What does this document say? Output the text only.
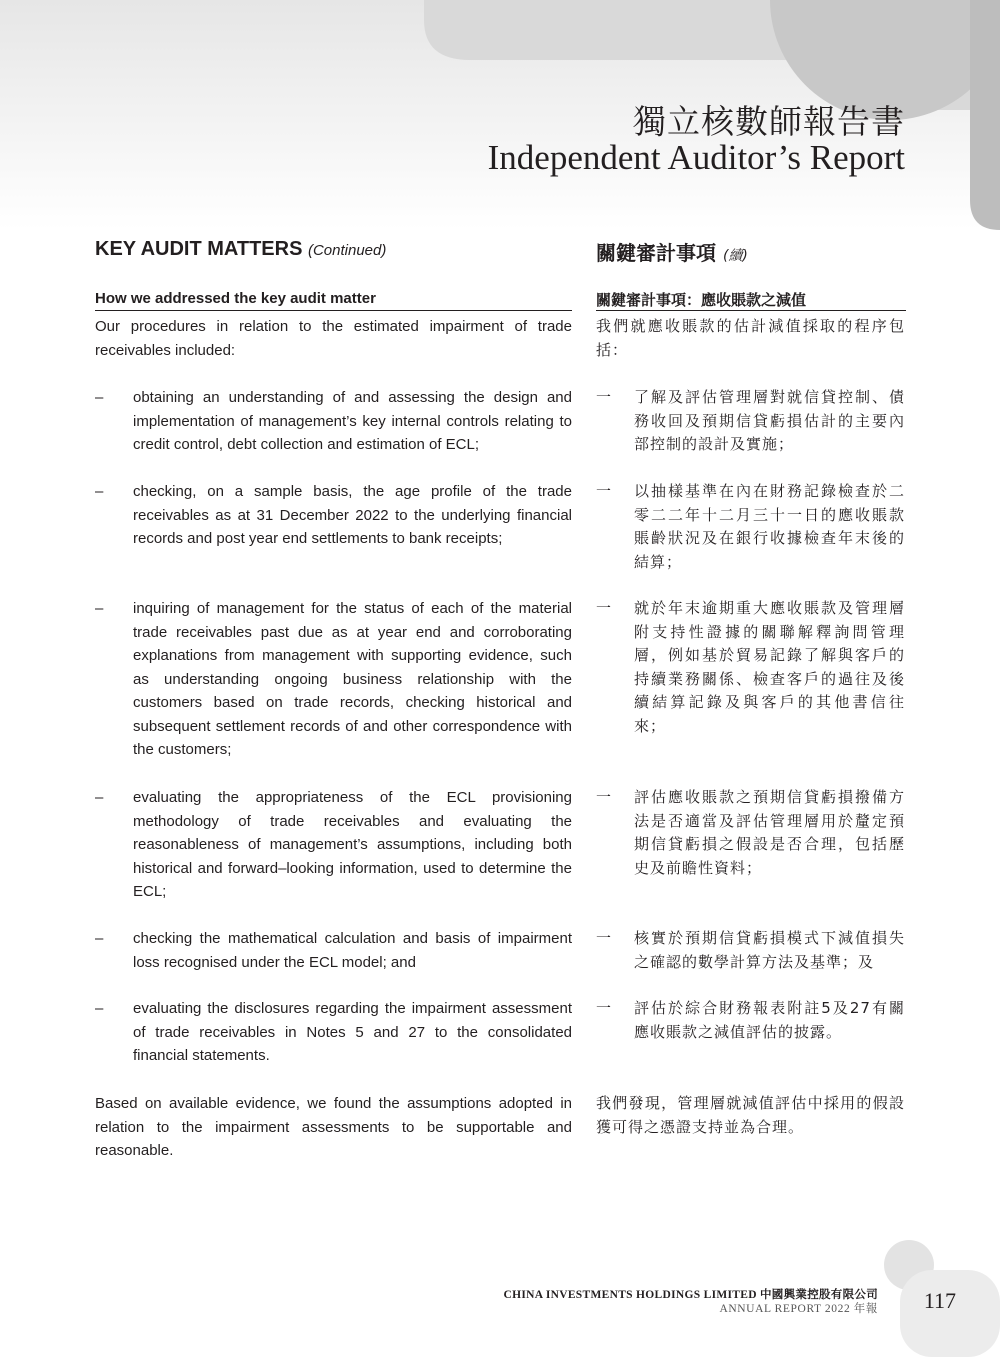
獨立核數師報告書
Independent Auditor’s Report
KEY AUDIT MATTERS (Continued)	關鍵審計事項 (續)
How we addressed the key audit matter	關鍵審計事項：應收賬款之減值

Our procedures in relation to the estimated impairment of trade receivables included:

我們就應收賬款的估計減值採取的程序包括：

– obtaining an understanding of and assessing the design and implementation of management’s key internal controls relating to credit control, debt collection and estimation of ECL;

一 了解及評估管理層對就信貸控制、債務收回及預期信貸虧損估計的主要內部控制的設計及實施；

– checking, on a sample basis, the age profile of the trade receivables as at 31 December 2022 to the underlying financial records and post year end settlements to bank receipts;

一 以抽樣基準在內在財務記錄檢查於二零二二年十二月三十一日的應收賬款賬齡狀況及在銀行收據檢查年末後的結算；

– inquiring of management for the status of each of the material trade receivables past due as at year end and corroborating explanations from management with supporting evidence, such as understanding ongoing business relationship with the customers based on trade records, checking historical and subsequent settlement records of and other correspondence with the customers;

一 就於年末逾期重大應收賬款及管理層附支持性證據的關聯解釋詢問管理層，例如基於貿易記錄了解與客戶的持續業務關係、檢查客戶的過往及後續結算記錄及與客戶的其他書信往來；

– evaluating the appropriateness of the ECL provisioning methodology of trade receivables and evaluating the reasonableness of management’s assumptions, including both historical and forward–looking information, used to determine the ECL;

一 評估應收賬款之預期信貸虧損撥備方法是否適當及評估管理層用於釐定預期信貸虧損之假設是否合理，包括歷史及前瞻性資料；

– checking the mathematical calculation and basis of impairment loss recognised under the ECL model; and

一 核實於預期信貸虧損模式下減值損失之確認的數學計算方法及基準；及

– evaluating the disclosures regarding the impairment assessment of trade receivables in Notes 5 and 27 to the consolidated financial statements.

一 評估於綜合財務報表附註5及27有關應收賬款之減值評估的披露。

Based on available evidence, we found the assumptions adopted in relation to the impairment assessments to be supportable and reasonable.

我們發現，管理層就減值評估中採用的假設獲可得之憑證支持並為合理。

CHINA INVESTMENTS HOLDINGS LIMITED 中國興業控股有限公司
ANNUAL REPORT 2022 年報 117
